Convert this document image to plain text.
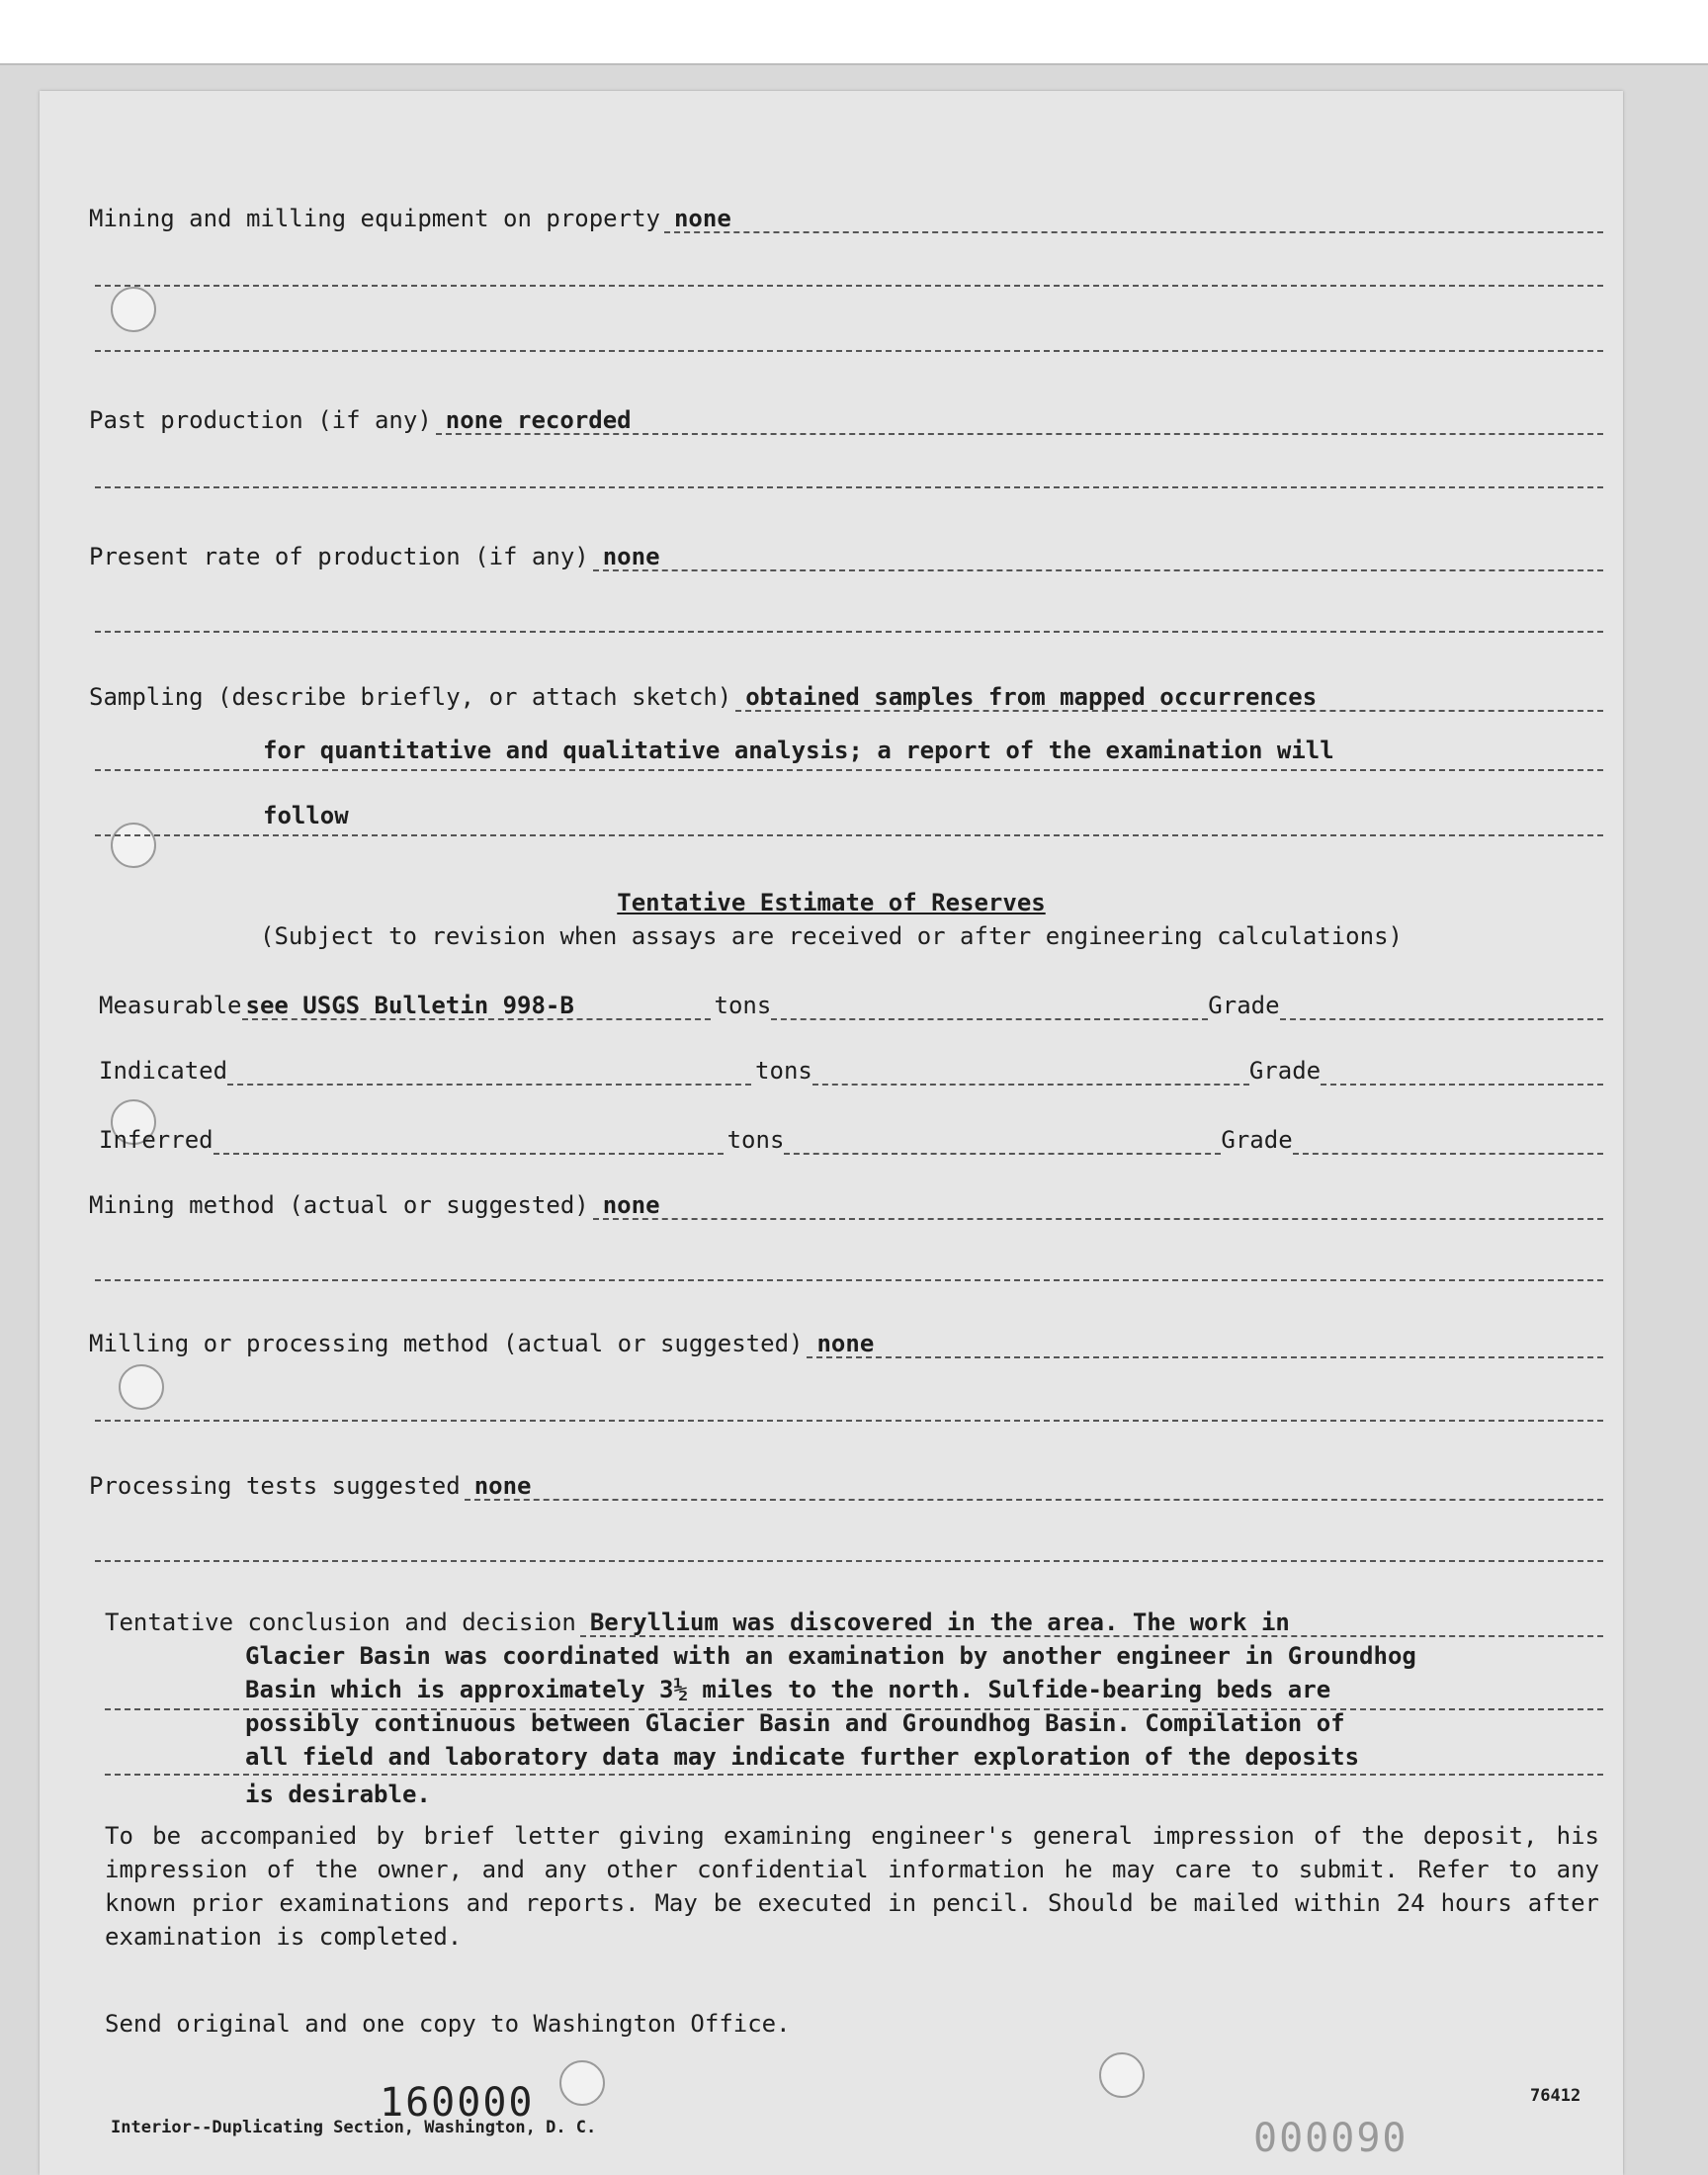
Mining and milling equipment on property none
Past production (if any) none recorded
Present rate of production (if any) none
Sampling (describe briefly, or attach sketch) obtained samples from mapped occurrences
for quantitative and qualitative analysis; a report of the examination will
follow
Tentative Estimate of Reserves
(Subject to revision when assays are received or after engineering calculations)
Measurable see USGS Bulletin 998-B	tons	Grade
Indicated	tons	Grade
Inferred	tons	Grade
Mining method (actual or suggested) none
Milling or processing method (actual or suggested) none
Processing tests suggested none
Tentative conclusion and decision Beryllium was discovered in the area. The work in
Glacier Basin was coordinated with an examination by another engineer in Groundhog
Basin which is approximately 3½ miles to the north. Sulfide-bearing beds are
possibly continuous between Glacier Basin and Groundhog Basin. Compilation of
all field and laboratory data may indicate further exploration of the deposits
is desirable.
To be accompanied by brief letter giving examining engineer's general impression of the deposit, his impression of the owner, and any other confidential information he may care to submit. Refer to any known prior examinations and reports. May be executed in pencil. Should be mailed within 24 hours after examination is completed.
Send original and one copy to Washington Office.
160000
000090
Interior--Duplicating Section, Washington, D. C.
76412
